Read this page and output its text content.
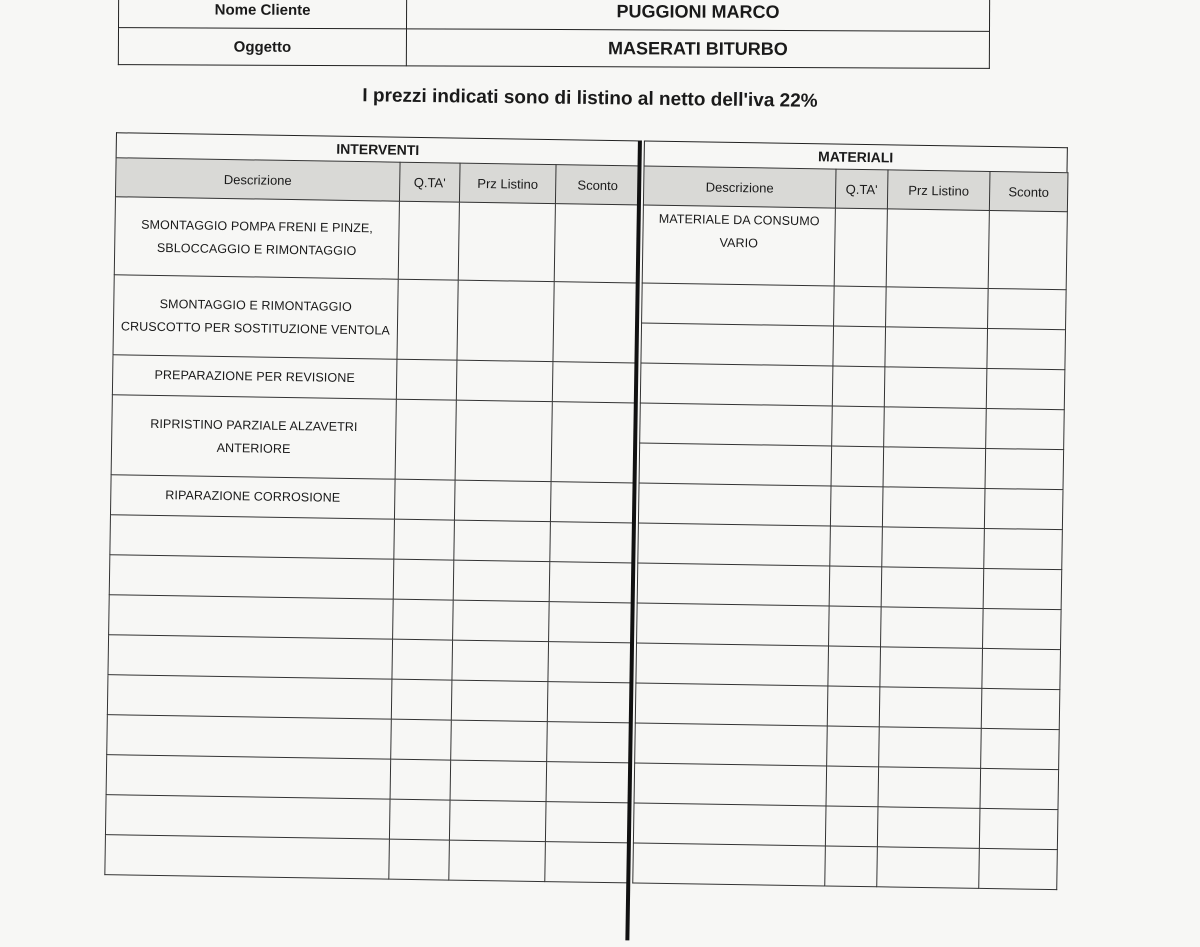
Nome Cliente	PUGGIONI MARCO
Oggetto	MASERATI BITURBO
I prezzi indicati sono di listino al netto dell'iva 22%
INTERVENTI
Descrizione	Q.TA'	Prz Listino	Sconto
SMONTAGGIO POMPA FRENI E PINZE, SBLOCCAGGIO E RIMONTAGGIO			
SMONTAGGIO E RIMONTAGGIO CRUSCOTTO PER SOSTITUZIONE VENTOLA			
PREPARAZIONE PER REVISIONE			
RIPRISTINO PARZIALE ALZAVETRI ANTERIORE			
RIPARAZIONE CORROSIONE			

MATERIALI
Descrizione	Q.TA'	Prz Listino	Sconto
MATERIALE DA CONSUMO VARIO			
